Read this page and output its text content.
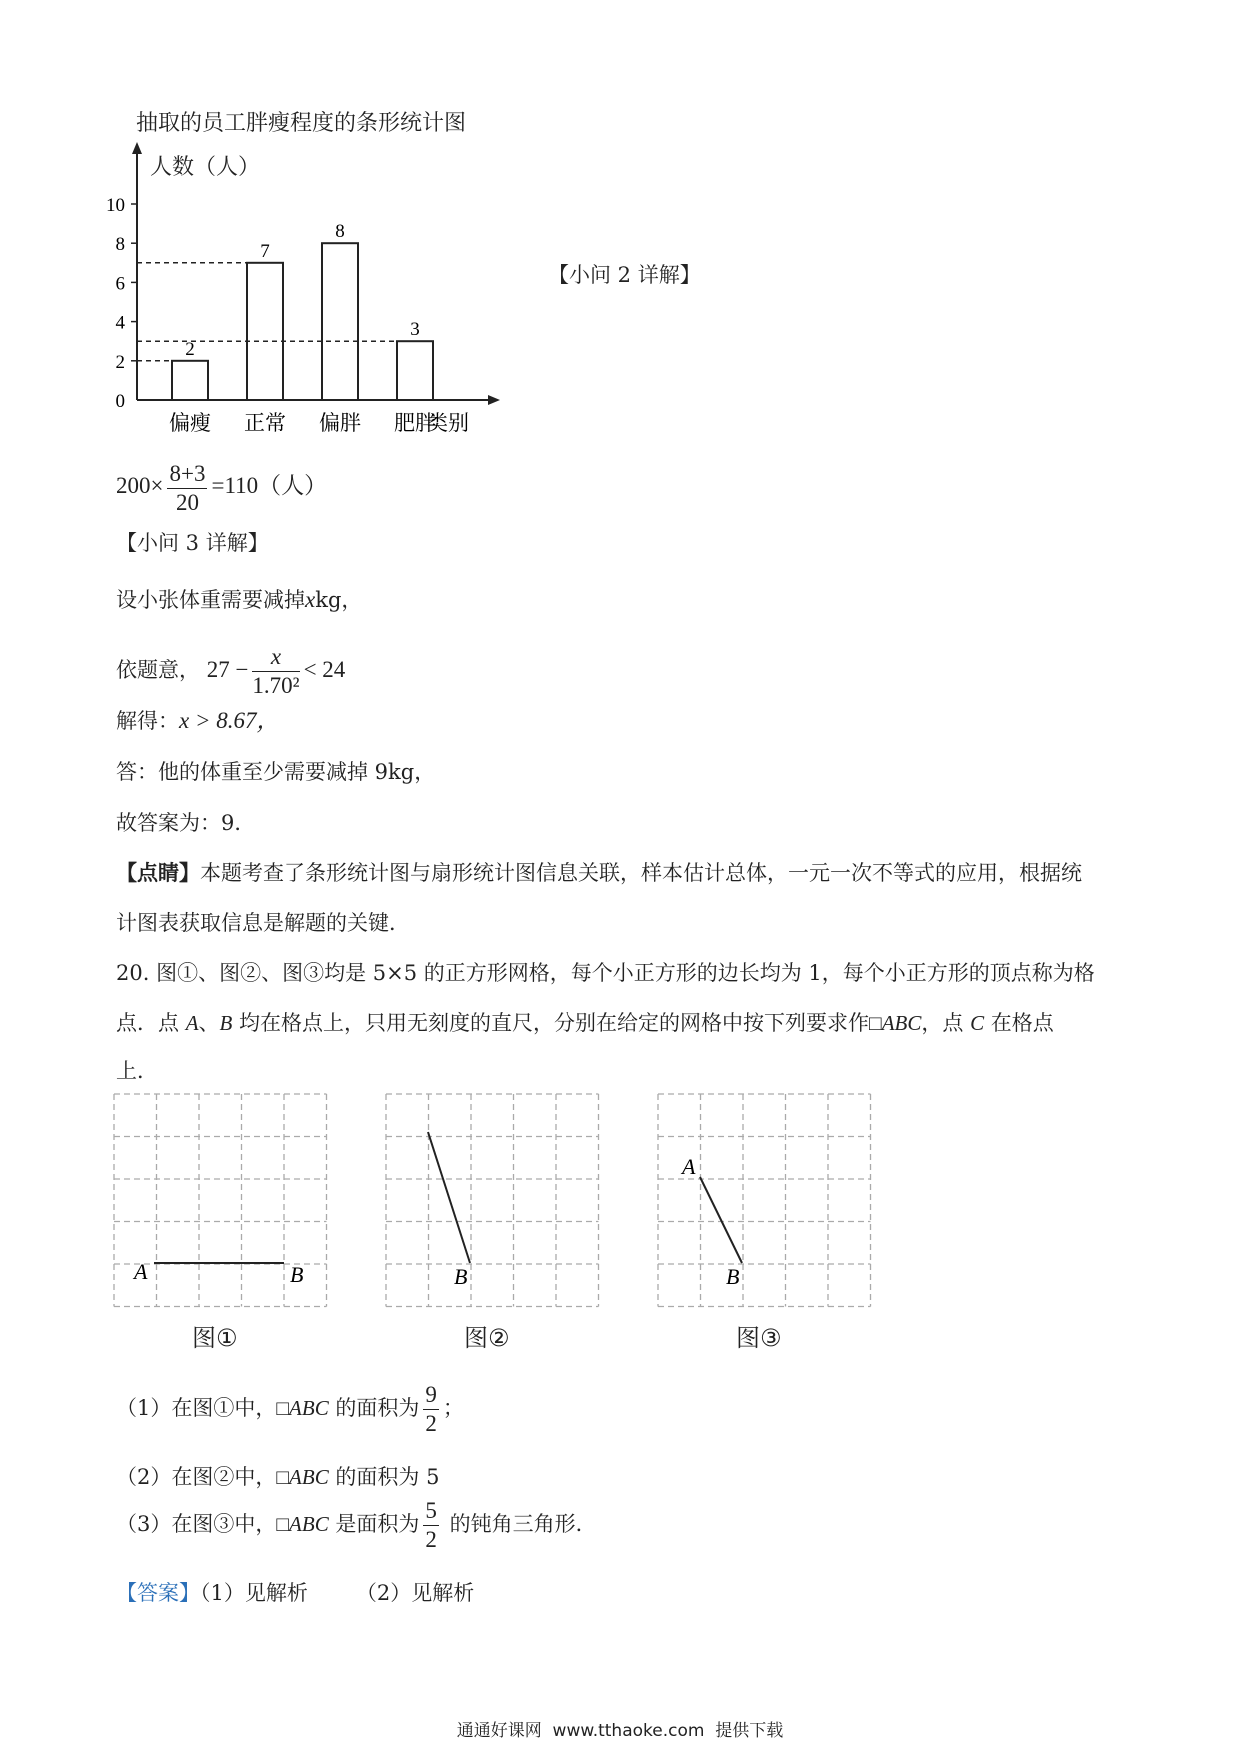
抽取的员工胖瘦程度的条形统计图
人数（人）
0
2
4
6
8
10
2
偏瘦
7
正常
8
偏胖
3
肥胖
类别
【小问 2 详解】
$200\times \frac{8+3}{20} =110$（人）
【小问 3 详解】
设小张体重需要减掉xkg，
依题意， $27 - \frac{x}{\text{1.70²}} < 24$
解得：x > 8.67，
答：他的体重至少需要减掉 9kg，
故答案为：9．
【点睛】本题考查了条形统计图与扇形统计图信息关联，样本估计总体，一元一次不等式的应用，根据统
计图表获取信息是解题的关键．
20. 图①、图②、图③均是 5×5 的正方形网格，每个小正方形的边长均为 1，每个小正方形的顶点称为格
点．点 A、B 均在格点上，只用无刻度的直尺，分别在给定的网格中按下列要求作□ABC，点 C 在格点
上．
A	B
图①
B
图②
A
B
图③
（1）在图①中，□ABC 的面积为 $\frac{9}{2}$ ；
（2）在图②中，□ABC 的面积为 5
（3）在图③中，□ABC 是面积为 $\frac{5}{2}$ 的钝角三角形．
【答案】（1）见解析 （2）见解析
通通好课网  www.tthaoke.com  提供下载
